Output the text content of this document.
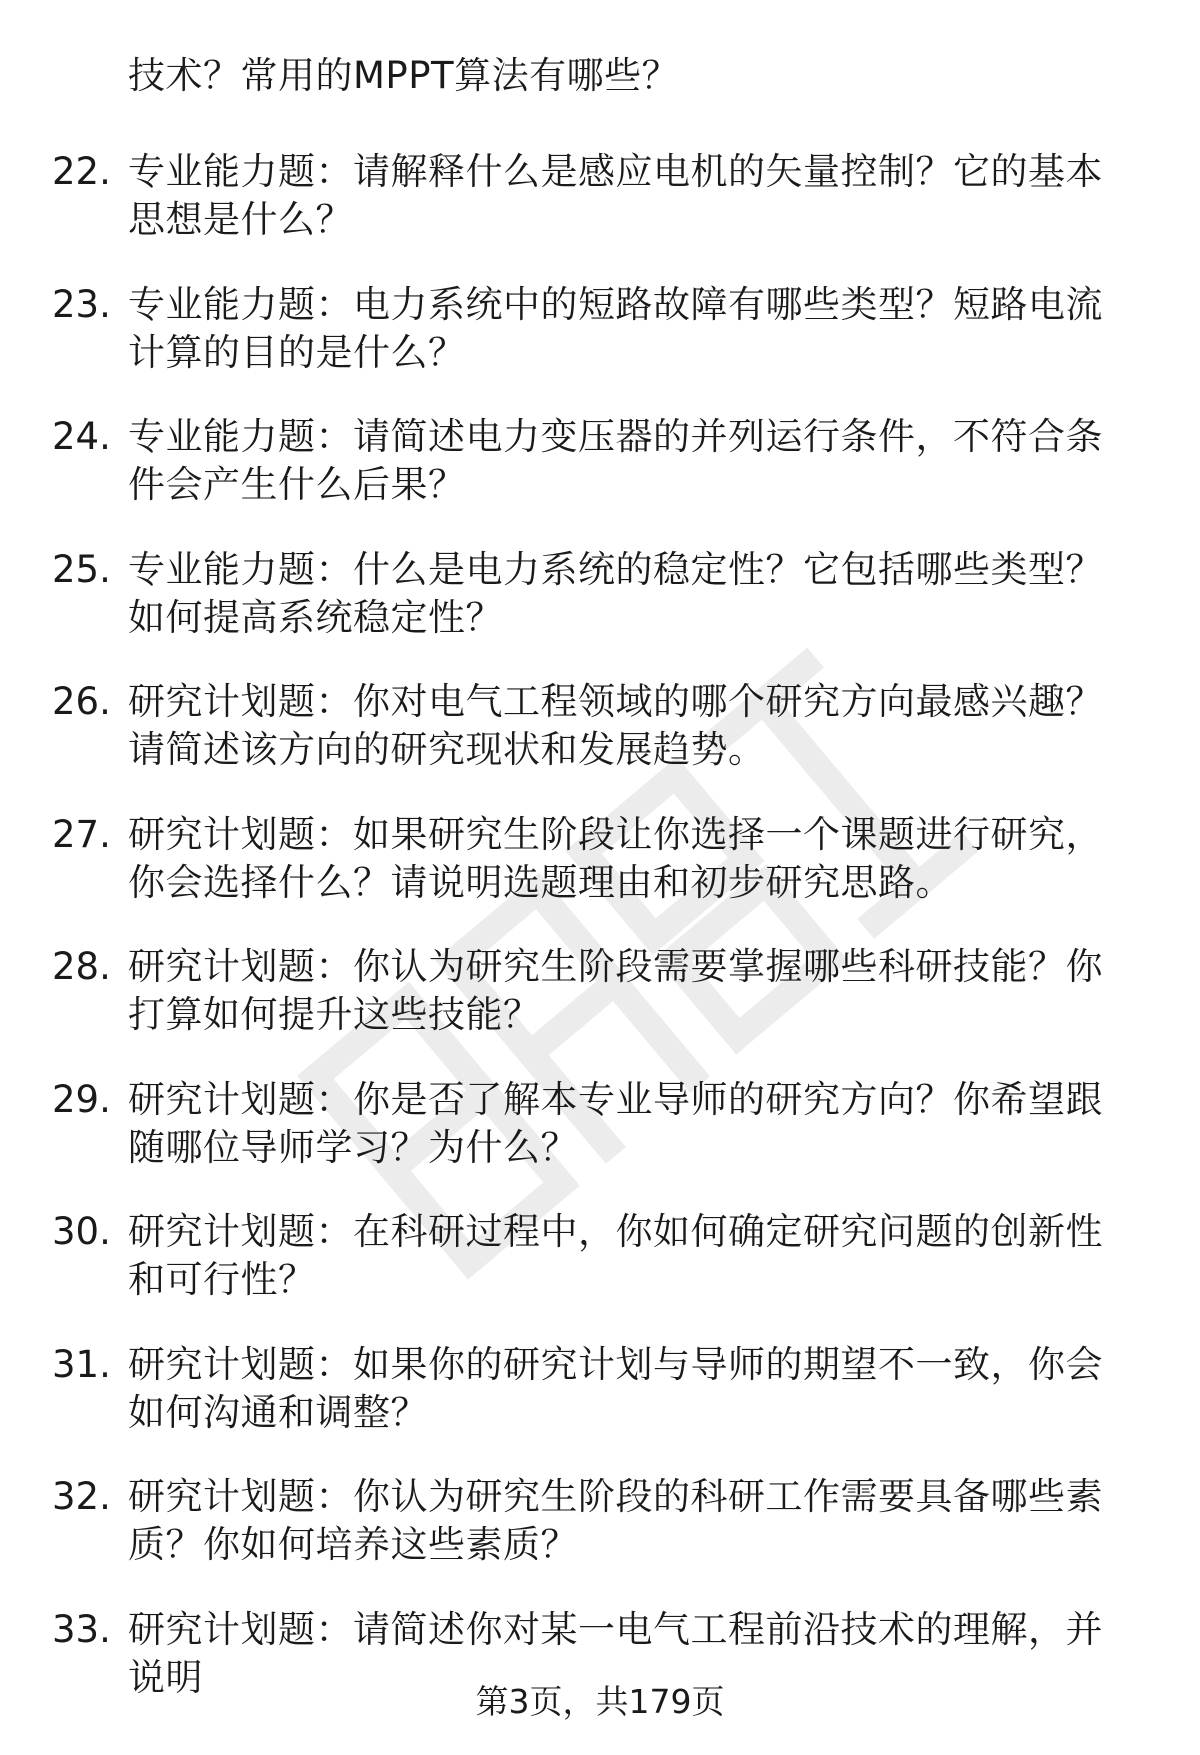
技术？常用的MPPT算法有哪些？
22. 专业能力题：请解释什么是感应电机的矢量控制？它的基本思想是什么？
23. 专业能力题：电力系统中的短路故障有哪些类型？短路电流计算的目的是什么？
24. 专业能力题：请简述电力变压器的并列运行条件，不符合条件会产生什么后果？
25. 专业能力题：什么是电力系统的稳定性？它包括哪些类型？如何提高系统稳定性？
26. 研究计划题：你对电气工程领域的哪个研究方向最感兴趣？请简述该方向的研究现状和发展趋势。
27. 研究计划题：如果研究生阶段让你选择一个课题进行研究，你会选择什么？请说明选题理由和初步研究思路。
28. 研究计划题：你认为研究生阶段需要掌握哪些科研技能？你打算如何提升这些技能？
29. 研究计划题：你是否了解本专业导师的研究方向？你希望跟随哪位导师学习？为什么？
30. 研究计划题：在科研过程中，你如何确定研究问题的创新性和可行性？
31. 研究计划题：如果你的研究计划与导师的期望不一致，你会如何沟通和调整？
32. 研究计划题：你认为研究生阶段的科研工作需要具备哪些素质？你如何培养这些素质？
33. 研究计划题：请简述你对某一电气工程前沿技术的理解，并说明
第3页，共179页
